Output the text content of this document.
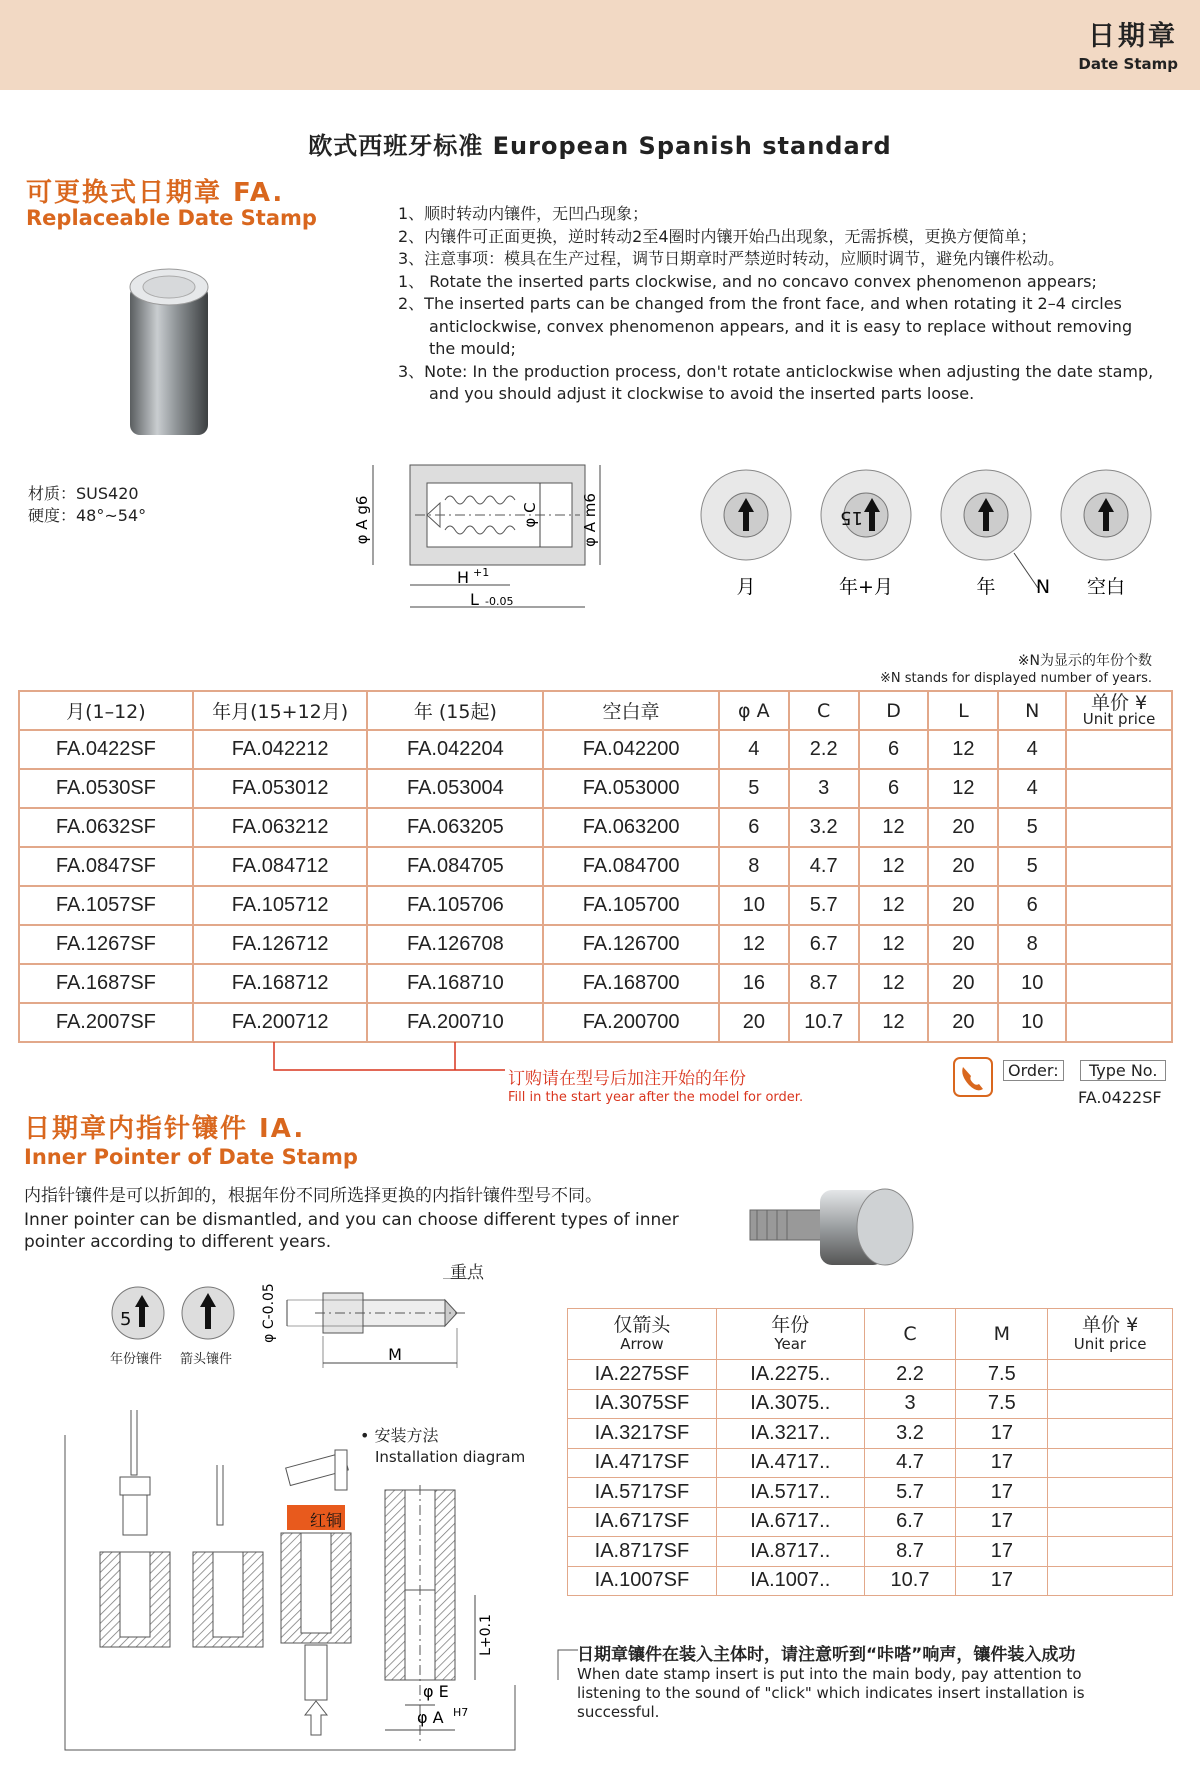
日期章
Date Stamp
欧式西班牙标准 European Spanish standard
可更换式日期章 FA.
Replaceable Date Stamp	1、顺时转动内镶件，无凹凸现象；

2、内镶件可正面更换，逆时转动2至4圈时内镶开始凸出现象，无需拆模，更换方便简单；

3、注意事项：模具在生产过程，调节日期章时严禁逆时转动，应顺时调节，避免内镶件松动。

1、 Rotate the inserted parts clockwise, and no concavo convex phenomenon appears;

2、The inserted parts can be changed from the front face, and when rotating it 2–4 circles

anticlockwise, convex phenomenon appears, and it is easy to replace without removing

the mould;

3、Note: In the production process, don't rotate anticlockwise when adjusting the date stamp,

and you should adjust it clockwise to avoid the inserted parts loose.

材质：SUS420
硬度：48°~54°	φ A g6	φ C	φ A m6
H +1
L -0.05
15
月	年+月	年 N 空白
※N为显示的年份个数
※N stands for displayed number of years.
月(1–12)	年月(15+12月)	年 (15起)	空白章	φ A	C	D	L	N	单价 ¥
Unit price

FA.0422SF	FA.042212	FA.042204	FA.042200	4	2.2	6	12	4	
FA.0530SF	FA.053012	FA.053004	FA.053000	5	3	6	12	4	
FA.0632SF	FA.063212	FA.063205	FA.063200	6	3.2	12	20	5	
FA.0847SF	FA.084712	FA.084705	FA.084700	8	4.7	12	20	5	
FA.1057SF	FA.105712	FA.105706	FA.105700	10	5.7	12	20	6	
FA.1267SF	FA.126712	FA.126708	FA.126700	12	6.7	12	20	8	
FA.1687SF	FA.168712	FA.168710	FA.168700	16	8.7	12	20	10	
FA.2007SF	FA.200712	FA.200710	FA.200700	20	10.7	12	20	10	
订购请在型号后加注开始的年份
Fill in the start year after the model for order.
Order:	Type No.
FA.0422SF
日期章内指针镶件 IA.
Inner Pointer of Date Stamp
内指针镶件是可以折卸的，根据年份不同所选择更换的内指针镶件型号不同。
Inner pointer can be dismantled, and you can choose different types of inner
pointer according to different years.
5
年份镶件 箭头镶件
重点
φ C-0.05
M
• 安装方法
Installation diagram
L+0.1
φ E
φ A H7
红铜
仅箭头
Arrow	年份
Year	C	M	单价 ¥
Unit price

IA.2275SF	IA.2275..	2.2	7.5	
IA.3075SF	IA.3075..	3	7.5	
IA.3217SF	IA.3217..	3.2	17	
IA.4717SF	IA.4717..	4.7	17	
IA.5717SF	IA.5717..	5.7	17	
IA.6717SF	IA.6717..	6.7	17	
IA.8717SF	IA.8717..	8.7	17	
IA.1007SF	IA.1007..	10.7	17	
日期章镶件在装入主体时，请注意听到“咔嗒”响声，镶件装入成功
When date stamp insert is put into the main body, pay attention to
listening to the sound of "click" which indicates insert installation is
successful.
